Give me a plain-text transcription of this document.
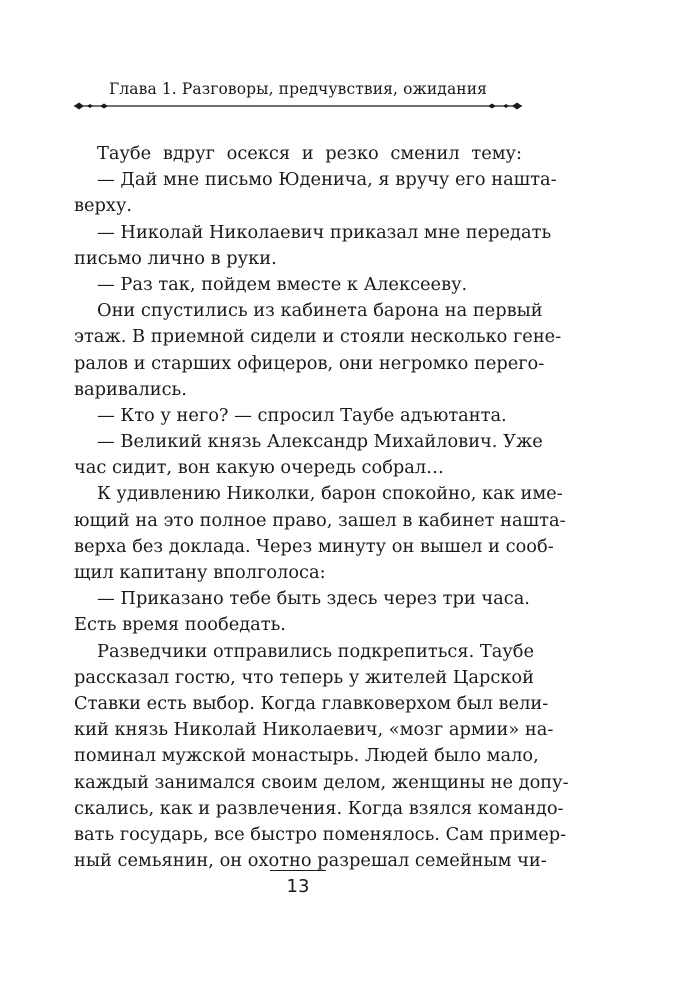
Глава 1. Разговоры, предчувствия, ожидания
Таубе вдруг осекся и резко сменил тему:
— Дай мне письмо Юденича, я вручу его нашта-
верху.
— Николай Николаевич приказал мне передать
письмо лично в руки.
— Раз так, пойдем вместе к Алексееву.
Они спустились из кабинета барона на первый
этаж. В приемной сидели и стояли несколько гене-
ралов и старших офицеров, они негромко перего-
варивались.
— Кто у него? — спросил Таубе адъютанта.
— Великий князь Александр Михайлович. Уже
час сидит, вон какую очередь собрал…
К удивлению Николки, барон спокойно, как име-
ющий на это полное право, зашел в кабинет нашта-
верха без доклада. Через минуту он вышел и сооб-
щил капитану вполголоса:
— Приказано тебе быть здесь через три часа.
Есть время пообедать.
Разведчики отправились подкрепиться. Таубе
рассказал гостю, что теперь у жителей Царской
Ставки есть выбор. Когда главковерхом был вели-
кий князь Николай Николаевич, «мозг армии» на-
поминал мужской монастырь. Людей было мало,
каждый занимался своим делом, женщины не допу-
скались, как и развлечения. Когда взялся командо-
вать государь, все быстро поменялось. Сам пример-
ный семьянин, он охотно разрешал семейным чи-
13
